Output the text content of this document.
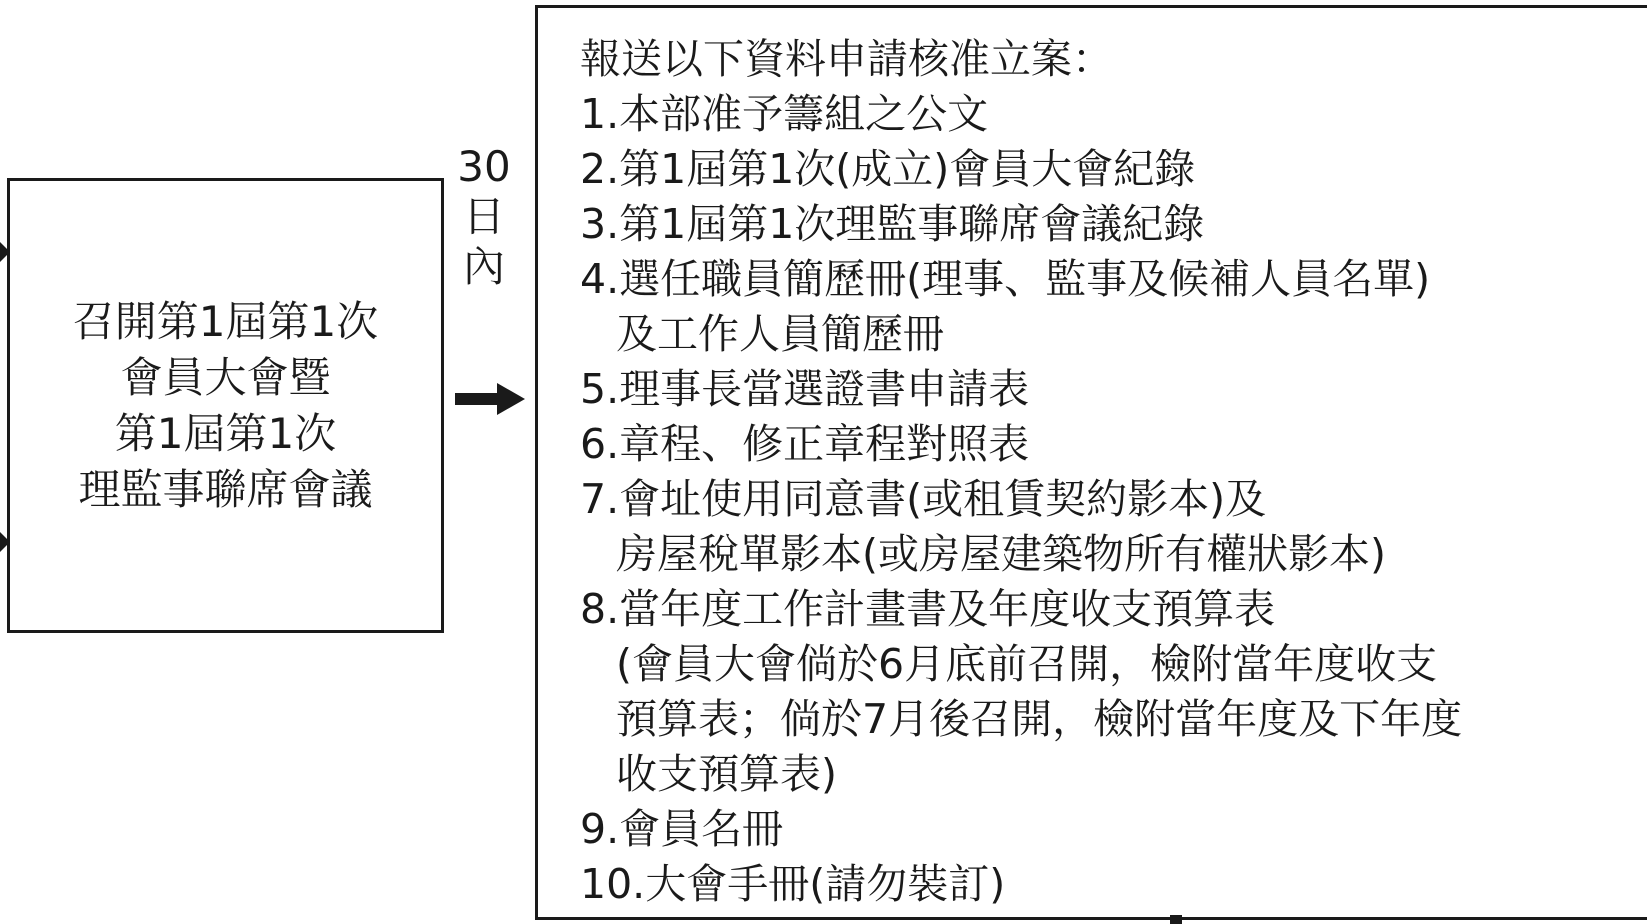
召開第1屆第1次
會員大會暨
第1屆第1次
理監事聯席會議
30
日
內
報送以下資料申請核准立案：
1.本部准予籌組之公文
2.第1屆第1次(成立)會員大會紀錄
3.第1屆第1次理監事聯席會議紀錄
4.選任職員簡歷冊(理事、監事及候補人員名單)
及工作人員簡歷冊
5.理事長當選證書申請表
6.章程、修正章程對照表
7.會址使用同意書(或租賃契約影本)及
房屋稅單影本(或房屋建築物所有權狀影本)
8.當年度工作計畫書及年度收支預算表
(會員大會倘於6月底前召開，檢附當年度收支
預算表；倘於7月後召開，檢附當年度及下年度
收支預算表)
9.會員名冊
10.大會手冊(請勿裝訂)
